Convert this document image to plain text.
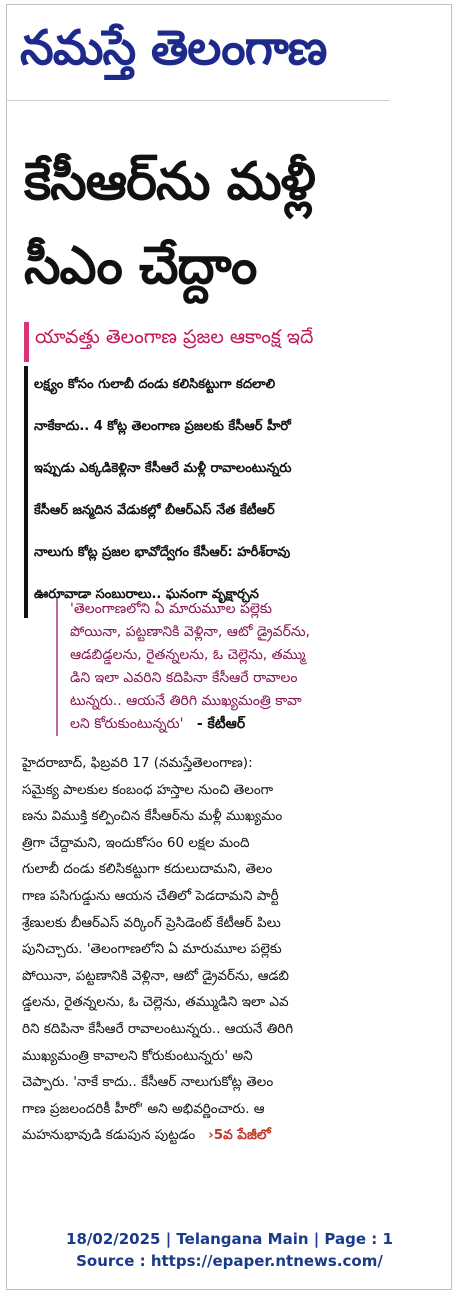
నమస్తే తెలంగాణ
కేసీఆర్‌ను మళ్లీ
సీఎం చేద్దాం
యావత్తు తెలంగాణ ప్రజల ఆకాంక్ష ఇదే
లక్ష్యం కోసం గులాబీ దండు కలిసికట్టుగా కదలాలి
నాకేకాదు.. 4 కోట్ల తెలంగాణ ప్రజలకు కేసీఆర్‌ హీరో
ఇప్పుడు ఎక్కడికెళ్లినా కేసీఆరే మళ్లీ రావాలంటున్నరు
కేసీఆర్‌ జన్మదిన వేడుకల్లో బీఆర్‌ఎస్‌ నేత కేటీఆర్‌
నాలుగు కోట్ల ప్రజల భావోద్వేగం కేసీఆర్‌: హరీశ్‌రావు
ఊరూవాడా సంబురాలు.. ఘనంగా వృక్షార్చన
'తెలంగాణలోని ఏ మారుమూల పల్లెకు
పోయినా, పట్టణానికి వెళ్లినా, ఆటో డ్రైవర్‌ను,
ఆడబిడ్డలను, రైతన్నలను, ఓ చెల్లెను, తమ్ము
డిని ఇలా ఎవరిని కదిపినా కేసీఆరే రావాలం
టున్నరు.. ఆయనే తిరిగి ముఖ్యమంత్రి కావా
లని కోరుకుంటున్నరు' - కేటీఆర్‌
హైదరాబాద్‌, ఫిబ్రవరి 17 (నమస్తేతెలంగాణ):
సమైక్య పాలకుల కంబంధ హస్తాల నుంచి తెలంగా
ణను విముక్తి కల్పించిన కేసీఆర్‌ను మళ్లీ ముఖ్యమం
త్రిగా చేద్దామని, ఇందుకోసం 60 లక్షల మంది
గులాబీ దండు కలిసికట్టుగా కదులుదామని, తెలం
గాణ పసిగుడ్డును ఆయన చేతిలో పెడదామని పార్టీ
శ్రేణులకు బీఆర్‌ఎస్‌ వర్కింగ్‌ ప్రెసిడెంట్‌ కేటీఆర్‌ పిలు
పునిచ్చారు. 'తెలంగాణలోని ఏ మారుమూల పల్లెకు
పోయినా, పట్టణానికి వెళ్లినా, ఆటో డ్రైవర్‌ను, ఆడబి
డ్డలను, రైతన్నలను, ఓ చెల్లెను, తమ్ముడిని ఇలా ఎవ
రిని కదిపినా కేసీఆరే రావాలంటున్నరు.. ఆయనే తిరిగి
ముఖ్యమంత్రి కావాలని కోరుకుంటున్నరు' అని
చెప్పారు. 'నాకే కాదు.. కేసీఆర్‌ నాలుగుకోట్ల తెలం
గాణ ప్రజలందరికీ హీరో' అని అభివర్ణించారు. ఆ
మహనుభావుడి కడుపున పుట్టడం ›5వ పేజీలో
18/02/2025 | Telangana Main | Page : 1
Source : https://epaper.ntnews.com/
